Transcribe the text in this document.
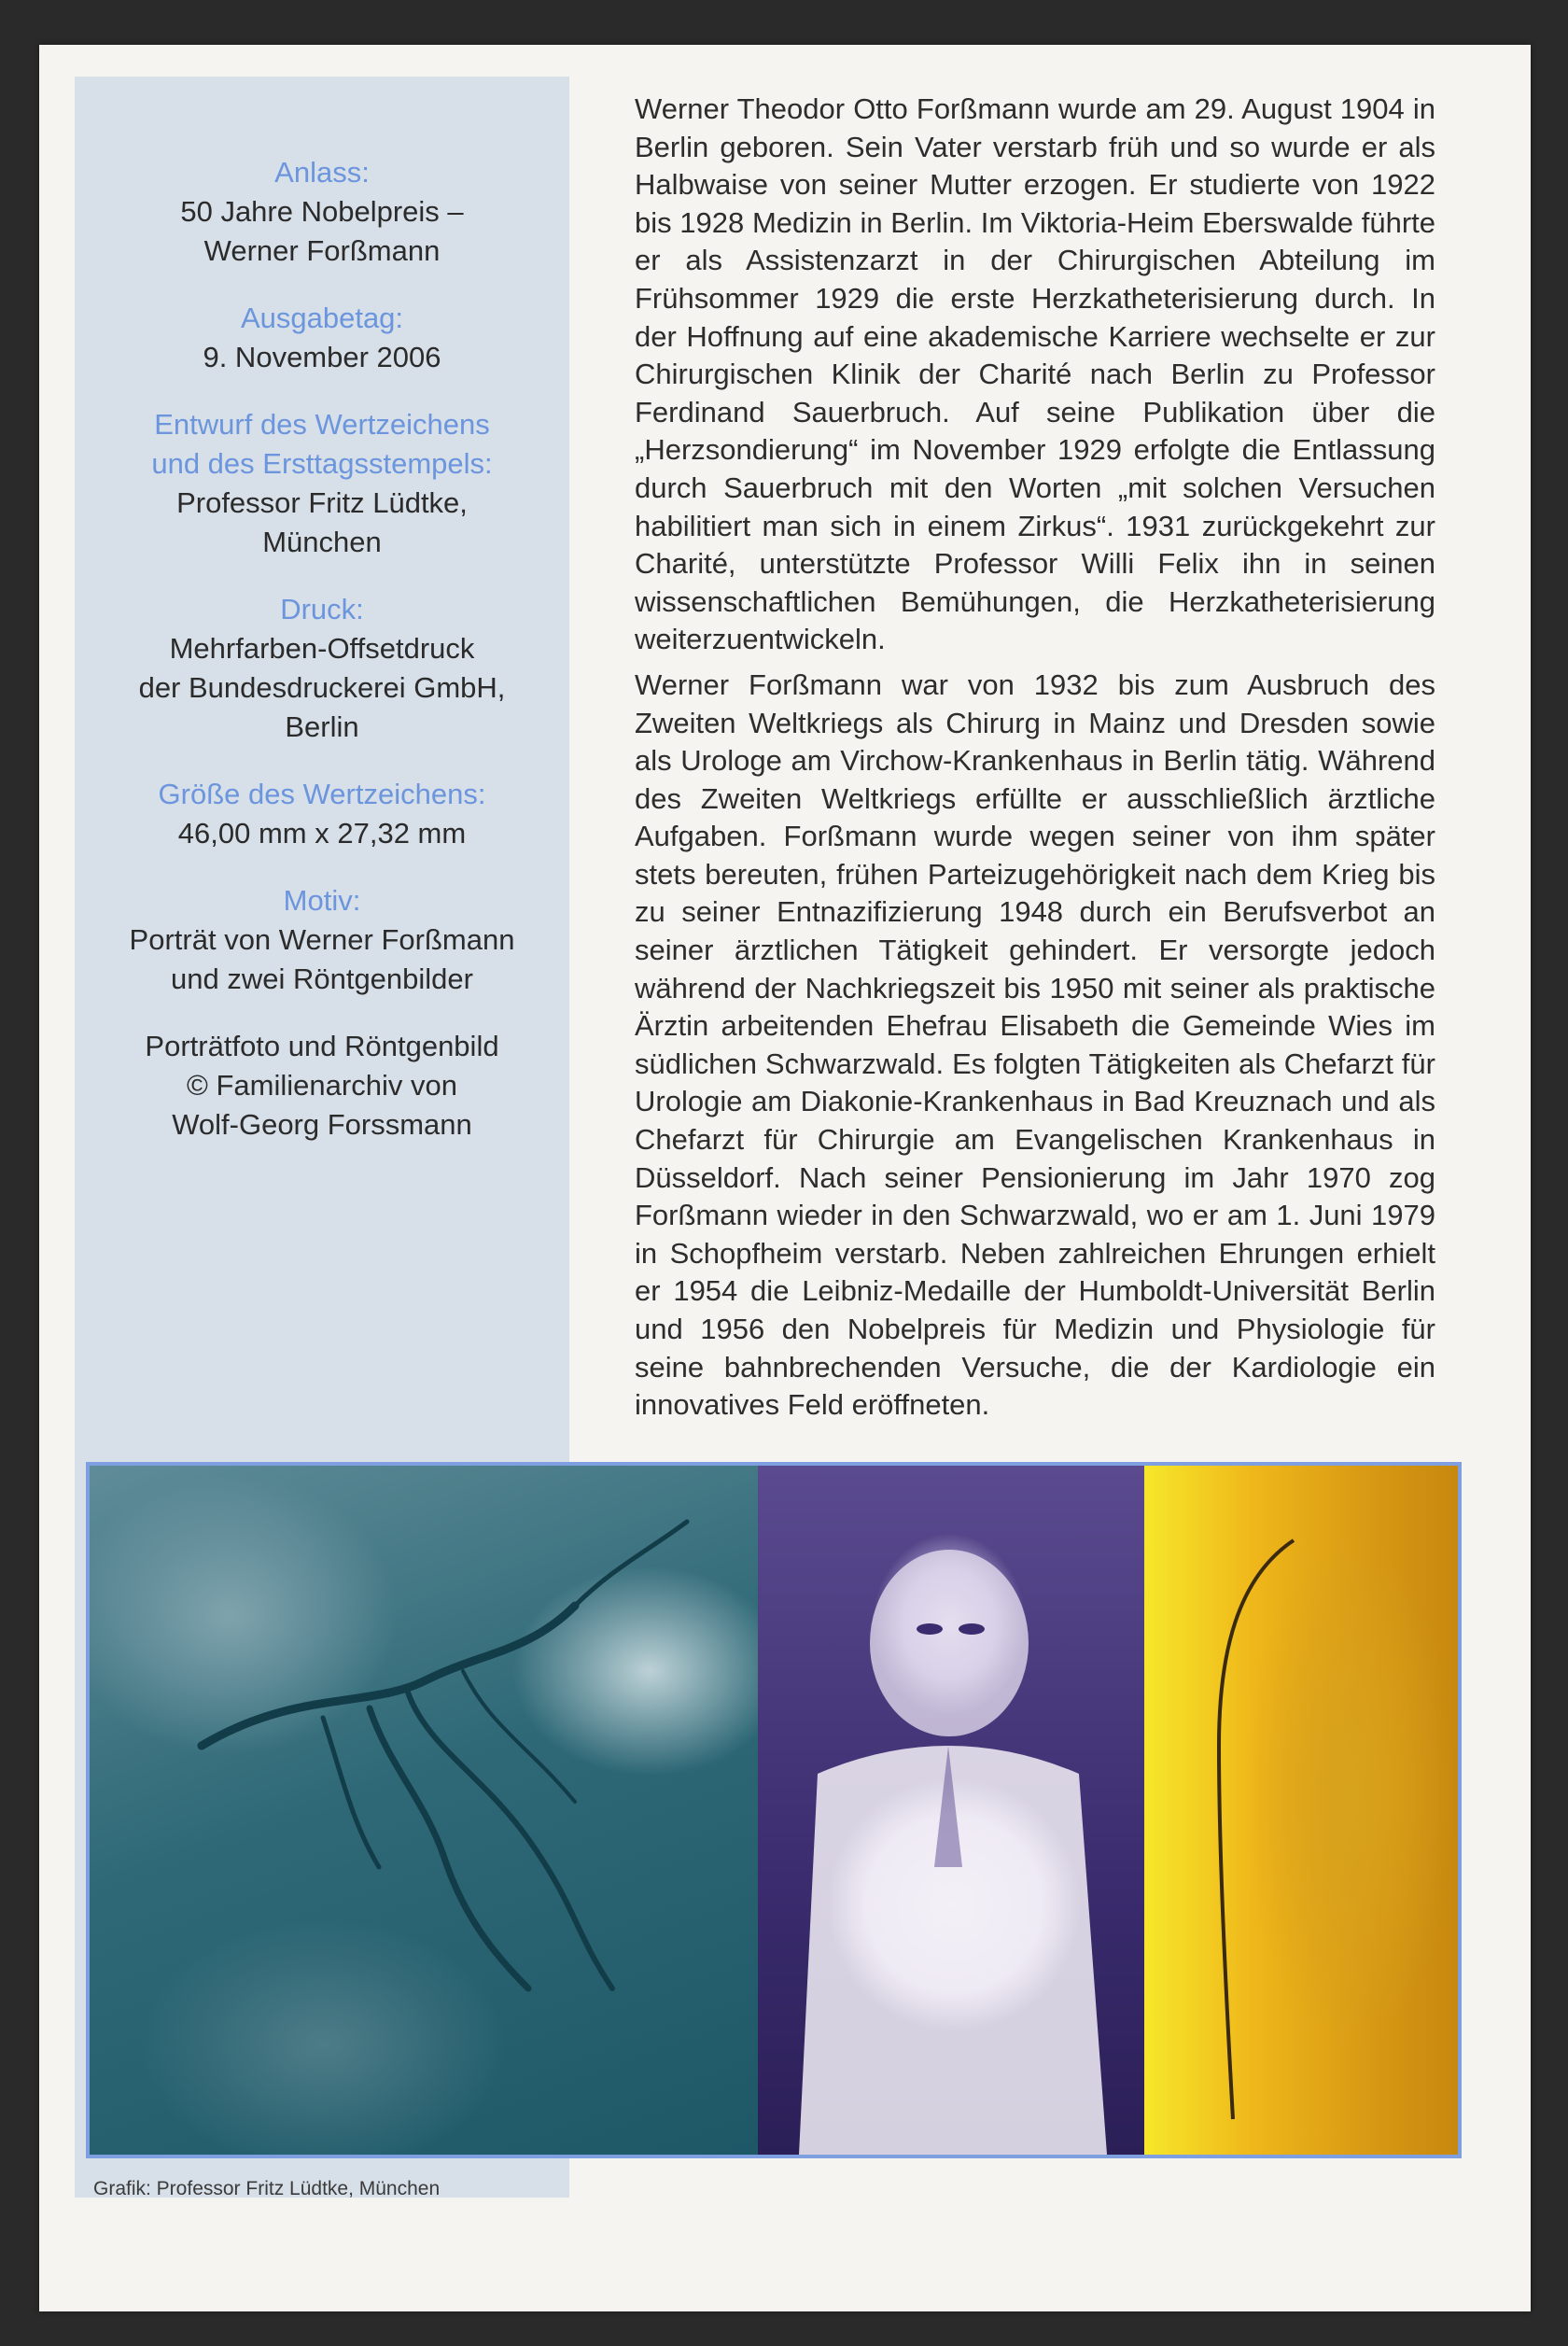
Anlass:
50 Jahre Nobelpreis –
Werner Forßmann
Ausgabetag:
9. November 2006
Entwurf des Wertzeichens
und des Ersttagsstempels:
Professor Fritz Lüdtke,
München
Druck:
Mehrfarben-Offsetdruck
der Bundesdruckerei GmbH,
Berlin
Größe des Wertzeichens:
46,00 mm x 27,32 mm
Motiv:
Porträt von Werner Forßmann
und zwei Röntgenbilder
Porträtfoto und Röntgenbild
© Familienarchiv von
Wolf-Georg Forssmann

Werner Theodor Otto Forßmann wurde am 29. August 1904 in Berlin geboren. Sein Vater verstarb früh und so wurde er als Halbwaise von seiner Mutter erzogen. Er studierte von 1922 bis 1928 Medizin in Berlin. Im Viktoria-Heim Eberswalde führte er als Assistenzarzt in der Chirurgischen Abteilung im Frühsommer 1929 die erste Herzkatheterisierung durch. In der Hoffnung auf eine akademische Karriere wechselte er zur Chirurgischen Klinik der Charité nach Berlin zu Professor Ferdinand Sauerbruch. Auf seine Publikation über die „Herzsondierung“ im November 1929 erfolgte die Entlassung durch Sauerbruch mit den Worten „mit solchen Versuchen habilitiert man sich in einem Zirkus“. 1931 zurückgekehrt zur Charité, unterstützte Professor Willi Felix ihn in seinen wissenschaftlichen Bemühungen, die Herzkatheterisierung weiterzuentwickeln.

Werner Forßmann war von 1932 bis zum Ausbruch des Zweiten Weltkriegs als Chirurg in Mainz und Dresden sowie als Urologe am Virchow-Krankenhaus in Berlin tätig. Während des Zweiten Weltkriegs erfüllte er ausschließlich ärztliche Aufgaben. Forßmann wurde wegen seiner von ihm später stets bereuten, frühen Parteizugehörigkeit nach dem Krieg bis zu seiner Entnazifizierung 1948 durch ein Berufsverbot an seiner ärztlichen Tätigkeit gehindert. Er versorgte jedoch während der Nachkriegszeit bis 1950 mit seiner als praktische Ärztin arbeitenden Ehefrau Elisabeth die Gemeinde Wies im südlichen Schwarzwald. Es folgten Tätigkeiten als Chefarzt für Urologie am Diakonie-Krankenhaus in Bad Kreuznach und als Chefarzt für Chirurgie am Evangelischen Krankenhaus in Düsseldorf. Nach seiner Pensionierung im Jahr 1970 zog Forßmann wieder in den Schwarzwald, wo er am 1. Juni 1979 in Schopfheim verstarb. Neben zahlreichen Ehrungen erhielt er 1954 die Leibniz-Medaille der Humboldt-Universität Berlin und 1956 den Nobelpreis für Medizin und Physiologie für seine bahnbrechenden Versuche, die der Kardiologie ein innovatives Feld eröffneten.

Grafik: Professor Fritz Lüdtke, München
